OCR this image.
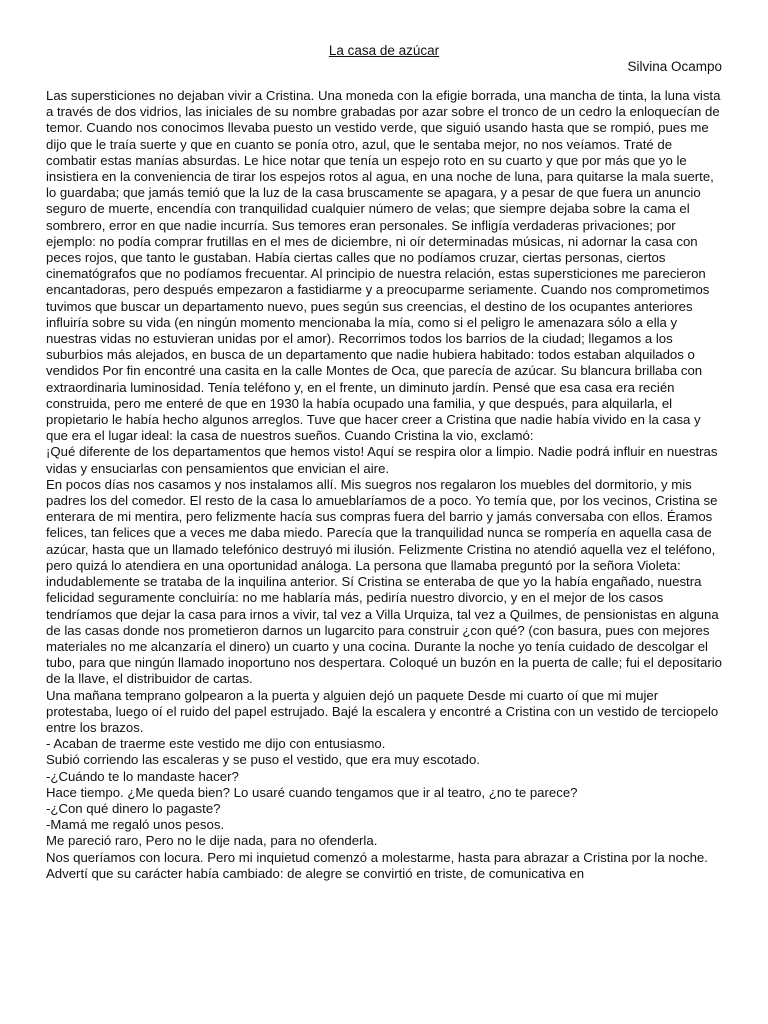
La casa de azúcar
Silvina Ocampo

Las supersticiones no dejaban vivir a Cristina. Una moneda con la efigie borrada, una mancha de tinta, la luna vista a través de dos vidrios, las iniciales de su nombre grabadas por azar sobre el tronco de un cedro la enloquecían de temor. Cuando nos conocimos llevaba puesto un vestido verde, que siguió usando hasta que se rompió, pues me dijo que le traía suerte y que en cuanto se ponía otro, azul, que le sentaba mejor, no nos veíamos. Traté de combatir estas manías absurdas. Le hice notar que tenía un espejo roto en su cuarto y que por más que yo le insistiera en la conveniencia de tirar los espejos rotos al agua, en una noche de luna, para quitarse la mala suerte, lo guardaba; que jamás temió que la luz de la casa bruscamente se apagara, y a pesar de que fuera un anuncio seguro de muerte, encendía con tranquilidad cualquier número de velas; que siempre dejaba sobre la cama el sombrero, error en que nadie incurría. Sus temores eran personales. Se infligía verdaderas privaciones; por ejemplo: no podía comprar frutillas en el mes de diciembre, ni oír determinadas músicas, ni adornar la casa con peces rojos, que tanto le gustaban. Había ciertas calles que no podíamos cruzar, ciertas personas, ciertos cinematógrafos que no podíamos frecuentar. Al principio de nuestra relación, estas supersticiones me parecieron encantadoras, pero después empezaron a fastidiarme y a preocuparme seriamente. Cuando nos comprometimos tuvimos que buscar un departamento nuevo, pues según sus creencias, el destino de los ocupantes anteriores influiría sobre su vida (en ningún momento mencionaba la mía, como si el peligro le amenazara sólo a ella y nuestras vidas no estuvieran unidas por el amor). Recorrimos todos los barrios de la ciudad; llegamos a los suburbios más alejados, en busca de un departamento que nadie hubiera habitado: todos estaban alquilados o vendidos Por fin encontré una casita en la calle Montes de Oca, que parecía de azúcar. Su blancura brillaba con extraordinaria luminosidad. Tenía teléfono y, en el frente, un diminuto jardín. Pensé que esa casa era recién construida, pero me enteré de que en 1930 la había ocupado una familia, y que después, para alquilarla, el propietario le había hecho algunos arreglos. Tuve que hacer creer a Cristina que nadie había vivido en la casa y que era el lugar ideal: la casa de nuestros sueños. Cuando Cristina la vio, exclamó:

¡Qué diferente de los departamentos que hemos visto! Aquí se respira olor a limpio. Nadie podrá influir en nuestras vidas y ensuciarlas con pensamientos que envician el aire.

En pocos días nos casamos y nos instalamos allí. Mis suegros nos regalaron los muebles del dormitorio, y mis padres los del comedor. El resto de la casa lo amueblaríamos de a poco. Yo temía que, por los vecinos, Cristina se enterara de mi mentira, pero felizmente hacía sus compras fuera del barrio y jamás conversaba con ellos. Éramos felices, tan felices que a veces me daba miedo. Parecía que la tranquilidad nunca se rompería en aquella casa de azúcar, hasta que un llamado telefónico destruyó mi ilusión. Felizmente Cristina no atendió aquella vez el teléfono, pero quizá lo atendiera en una oportunidad análoga. La persona que llamaba preguntó por la señora Violeta: indudablemente se trataba de la inquilina anterior. Sí Cristina se enteraba de que yo la había engañado, nuestra felicidad seguramente concluiría: no me hablaría más, pediría nuestro divorcio, y en el mejor de los casos tendríamos que dejar la casa para irnos a vivir, tal vez a Villa Urquiza, tal vez a Quilmes, de pensionistas en alguna de las casas donde nos prometieron darnos un lugarcito para construir ¿con qué? (con basura, pues con mejores materiales no me alcanzaría el dinero) un cuarto y una cocina. Durante la noche yo tenía cuidado de descolgar el tubo, para que ningún llamado inoportuno nos despertara. Coloqué un buzón en la puerta de calle; fui el depositario de la llave, el distribuidor de cartas.

Una mañana temprano golpearon a la puerta y alguien dejó un paquete Desde mi cuarto oí que mi mujer protestaba, luego oí el ruido del papel estrujado. Bajé la escalera y encontré a Cristina con un vestido de terciopelo entre los brazos.

- Acaban de traerme este vestido me dijo con entusiasmo.

Subió corriendo las escaleras y se puso el vestido, que era muy escotado.

-¿Cuándo te lo mandaste hacer?

Hace tiempo. ¿Me queda bien? Lo usaré cuando tengamos que ir al teatro, ¿no te parece?

-¿Con qué dinero lo pagaste?

-Mamá me regaló unos pesos.

Me pareció raro, Pero no le dije nada, para no ofenderla.

Nos queríamos con locura. Pero mi inquietud comenzó a molestarme, hasta para abrazar a Cristina por la noche. Advertí que su carácter había cambiado: de alegre se convirtió en triste, de comunicativa en
